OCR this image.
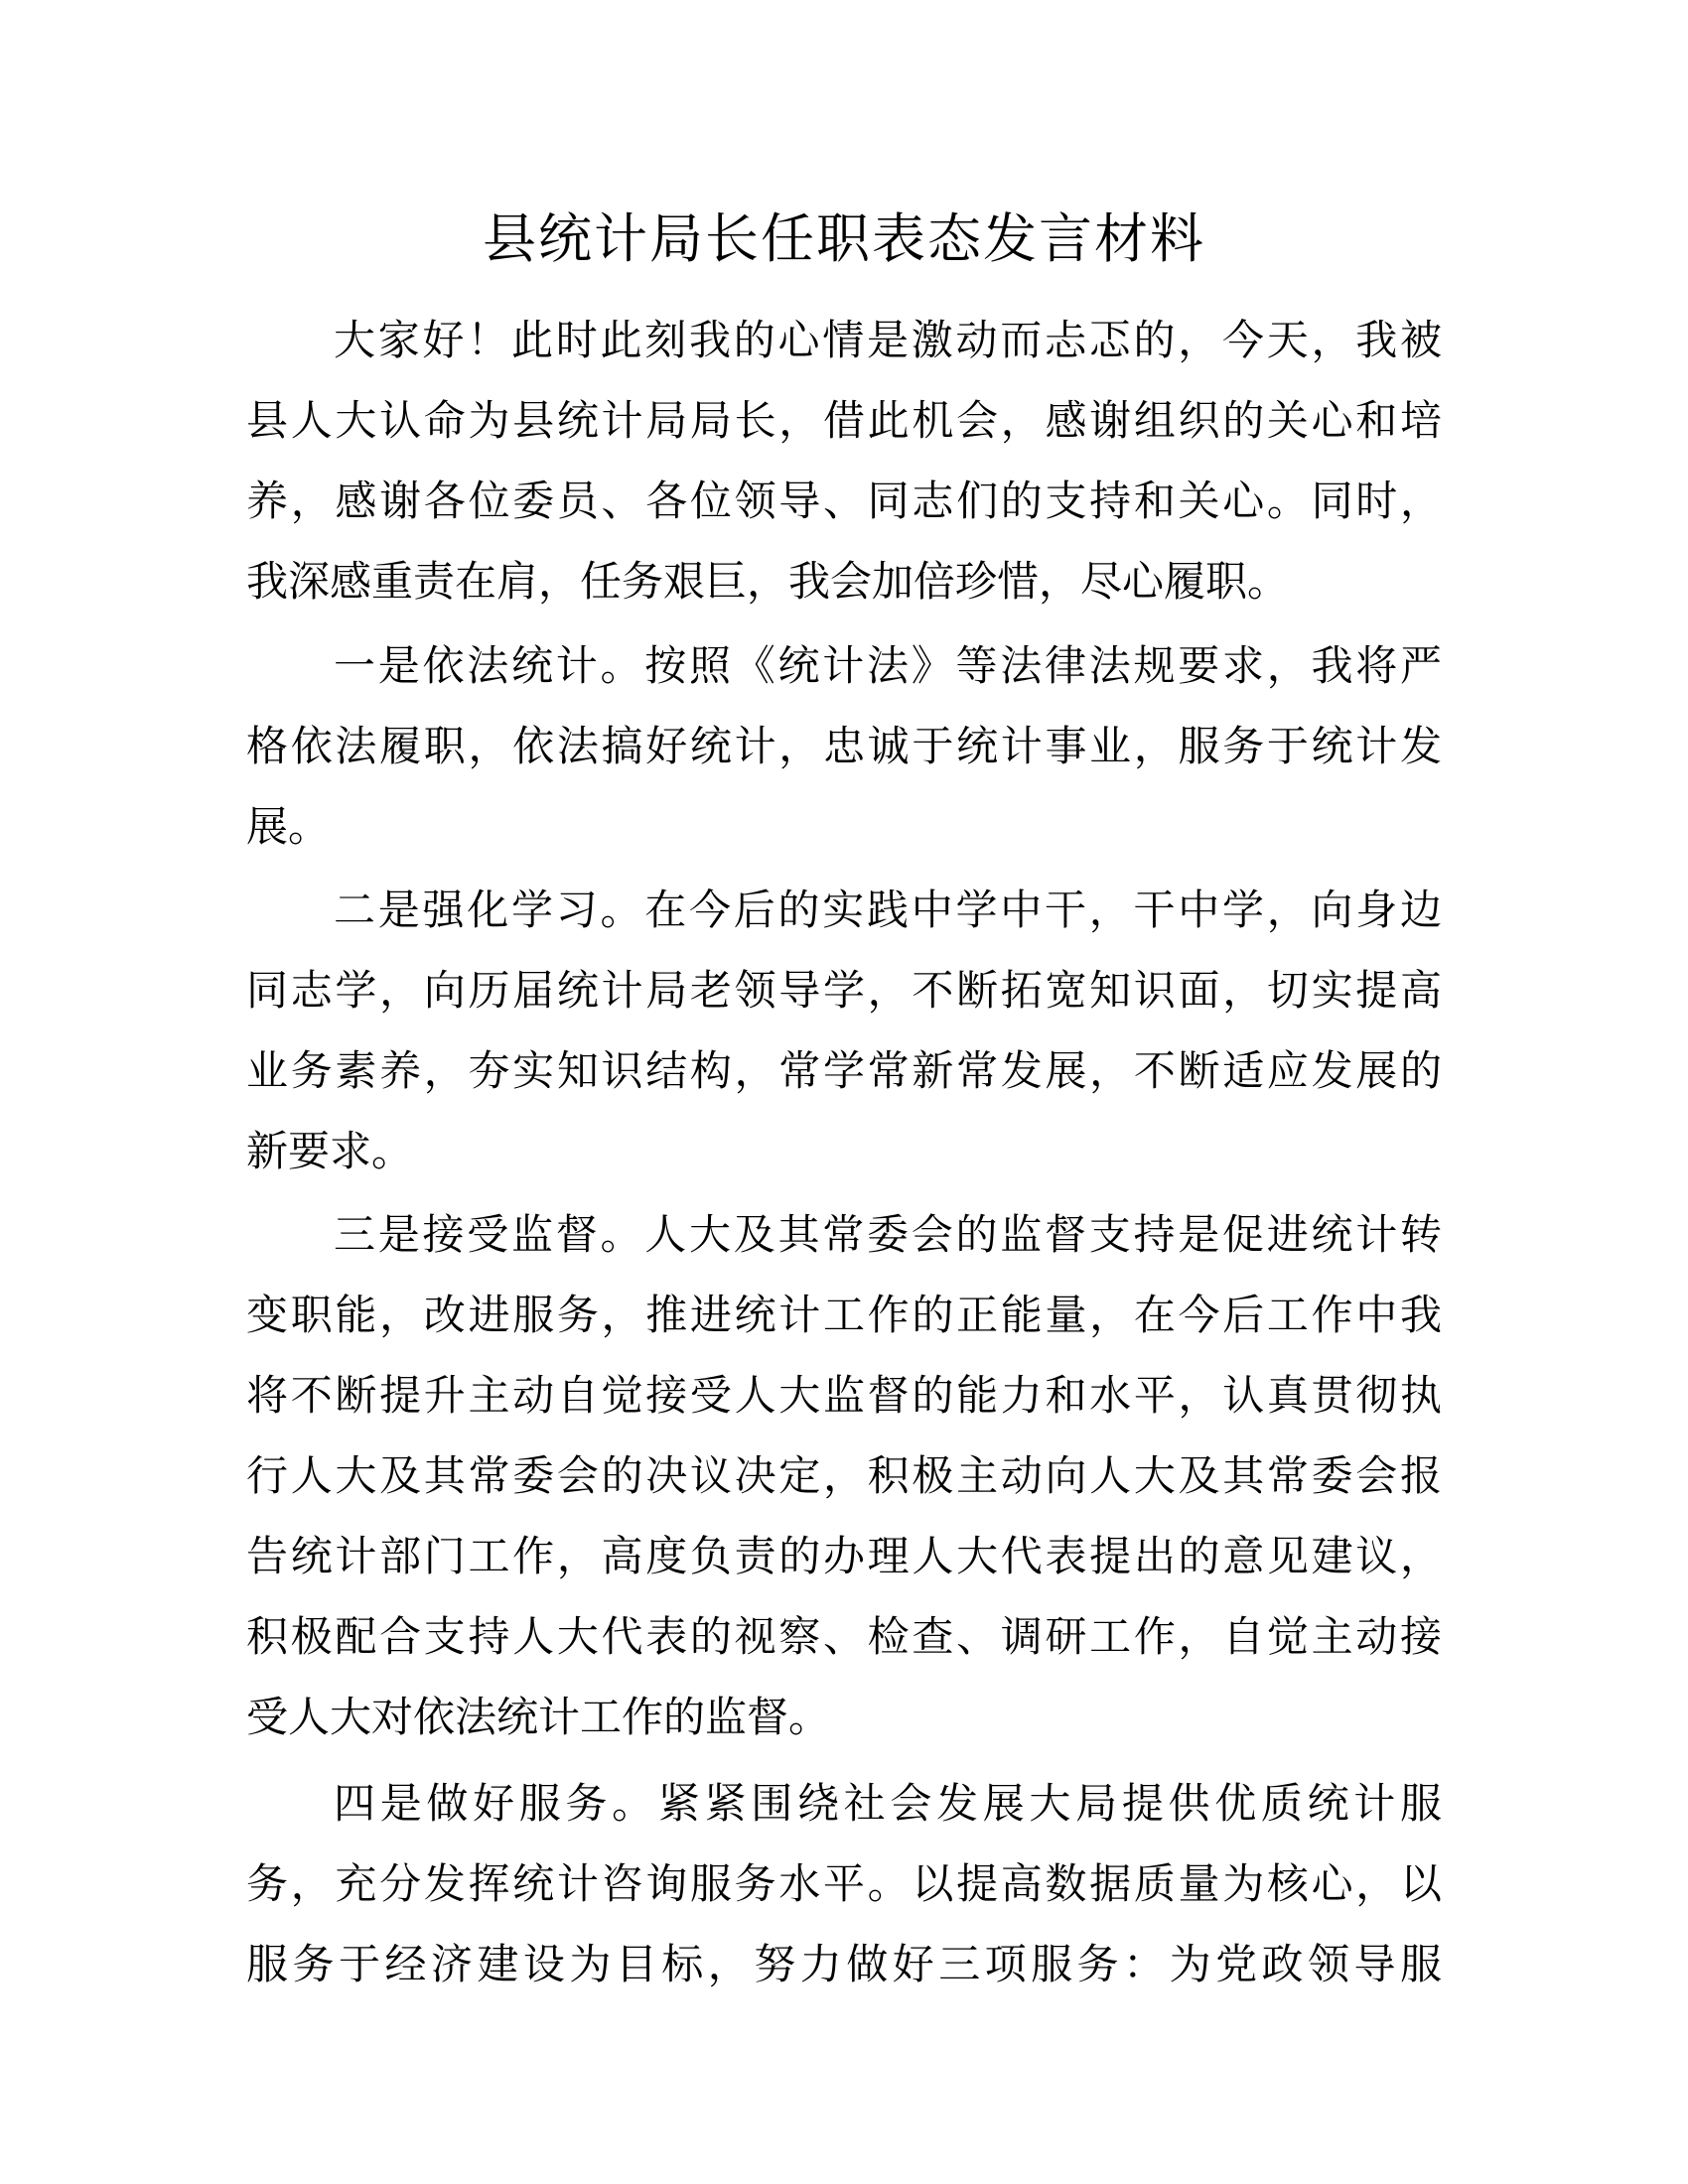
县统计局长任职表态发言材料
大家好！此时此刻我的心情是激动而忐忑的，今天，我被
县人大认命为县统计局局长，借此机会，感谢组织的关心和培
养，感谢各位委员、各位领导、同志们的支持和关心。同时，
我深感重责在肩，任务艰巨，我会加倍珍惜，尽心履职。
一是依法统计。按照《统计法》等法律法规要求，我将严
格依法履职，依法搞好统计，忠诚于统计事业，服务于统计发
展。
二是强化学习。在今后的实践中学中干，干中学，向身边
同志学，向历届统计局老领导学，不断拓宽知识面，切实提高
业务素养，夯实知识结构，常学常新常发展，不断适应发展的
新要求。
三是接受监督。人大及其常委会的监督支持是促进统计转
变职能，改进服务，推进统计工作的正能量，在今后工作中我
将不断提升主动自觉接受人大监督的能力和水平，认真贯彻执
行人大及其常委会的决议决定，积极主动向人大及其常委会报
告统计部门工作，高度负责的办理人大代表提出的意见建议，
积极配合支持人大代表的视察、检查、调研工作，自觉主动接
受人大对依法统计工作的监督。
四是做好服务。紧紧围绕社会发展大局提供优质统计服
务，充分发挥统计咨询服务水平。以提高数据质量为核心，以
服务于经济建设为目标，努力做好三项服务：为党政领导服
